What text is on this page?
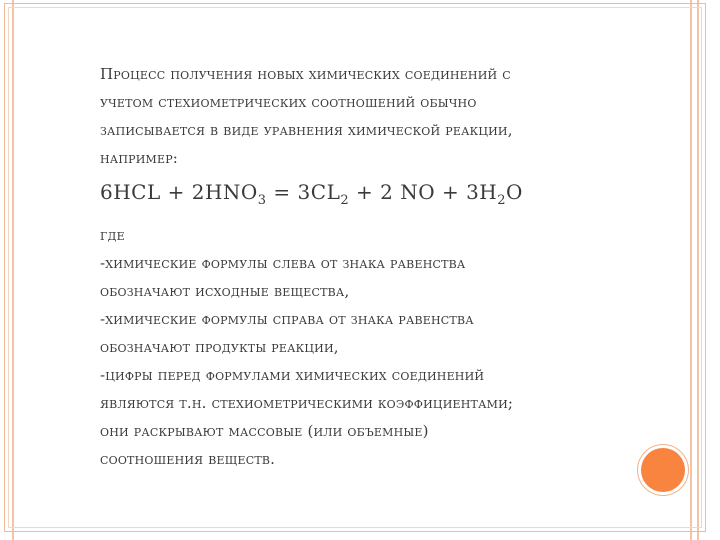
Процесс получения новых химических соединений с
учетом стехиометрических соотношений обычно
записывается в виде уравнения химической реакции,
например:
$6HCL + 2HNO_3 = 3CL_2 + 2$ NO + $3H_2O$
где
-химические формулы слева от знака равенства
обозначают исходные вещества,
-химические формулы справа от знака равенства
обозначают продукты реакции,
-цифры перед формулами химических соединений
являются т.н. стехиометрическими коэффициентами;
они раскрывают массовые (или объемные)
соотношения веществ.
